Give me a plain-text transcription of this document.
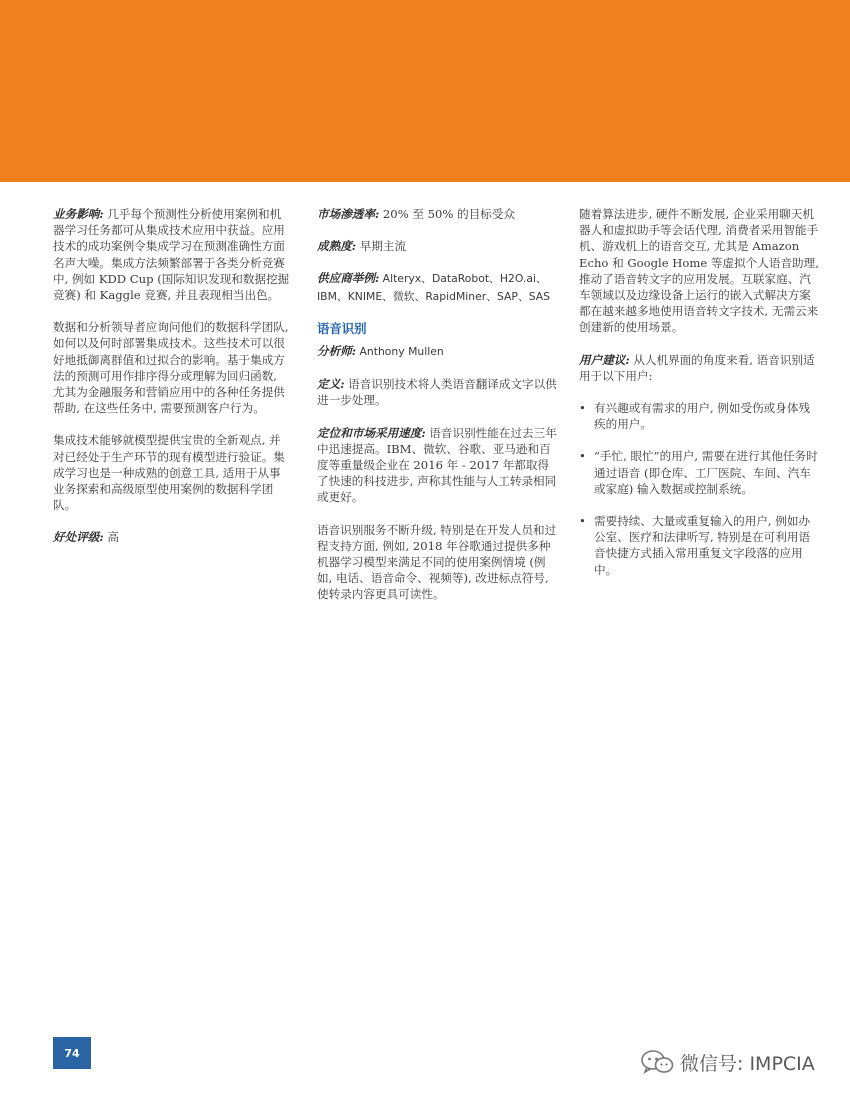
业务影响: 几乎每个预测性分析使用案例和机器学习任务都可从集成技术应用中获益。应用技术的成功案例令集成学习在预测准确性方面名声大噪。集成方法频繁部署于各类分析竞赛中, 例如 KDD Cup (国际知识发现和数据挖掘竞赛) 和 Kaggle 竞赛, 并且表现相当出色。

数据和分析领导者应询问他们的数据科学团队, 如何以及何时部署集成技术。这些技术可以很好地抵御离群值和过拟合的影响。基于集成方法的预测可用作排序得分或理解为回归函数, 尤其为金融服务和营销应用中的各种任务提供帮助, 在这些任务中, 需要预测客户行为。

集成技术能够就模型提供宝贵的全新观点, 并对已经处于生产环节的现有模型进行验证。集成学习也是一种成熟的创意工具, 适用于从事业务探索和高级原型使用案例的数据科学团队。

好处评级: 高

市场渗透率: 20% 至 50% 的目标受众

成熟度: 早期主流

供应商举例: Alteryx、DataRobot、H2O.ai、IBM、KNIME、微软、RapidMiner、SAP、SAS

语音识别

分析师: Anthony Mullen

定义: 语音识别技术将人类语音翻译成文字以供进一步处理。

定位和市场采用速度: 语音识别性能在过去三年中迅速提高。IBM、微软、谷歌、亚马逊和百度等重量级企业在 2016 年 - 2017 年都取得了快速的科技进步, 声称其性能与人工转录相同或更好。

语音识别服务不断升级, 特别是在开发人员和过程支持方面, 例如, 2018 年谷歌通过提供多种机器学习模型来满足不同的使用案例情境 (例如, 电话、语音命令、视频等), 改进标点符号, 使转录内容更具可读性。

随着算法进步, 硬件不断发展, 企业采用聊天机器人和虚拟助手等会话代理, 消费者采用智能手机、游戏机上的语音交互, 尤其是 Amazon Echo 和 Google Home 等虚拟个人语音助理, 推动了语音转文字的应用发展。互联家庭、汽车领域以及边缘设备上运行的嵌入式解决方案都在越来越多地使用语音转文字技术, 无需云来创建新的使用场景。

用户建议: 从人机界面的角度来看, 语音识别适用于以下用户:

• 有兴趣或有需求的用户, 例如受伤或身体残疾的用户。
• “手忙, 眼忙”的用户, 需要在进行其他任务时通过语音 (即仓库、工厂医院、车间、汽车或家庭) 输入数据或控制系统。
• 需要持续、大量或重复输入的用户, 例如办公室、医疗和法律听写, 特别是在可利用语音快捷方式插入常用重复文字段落的应用中。
74	微信号: IMPCIA
